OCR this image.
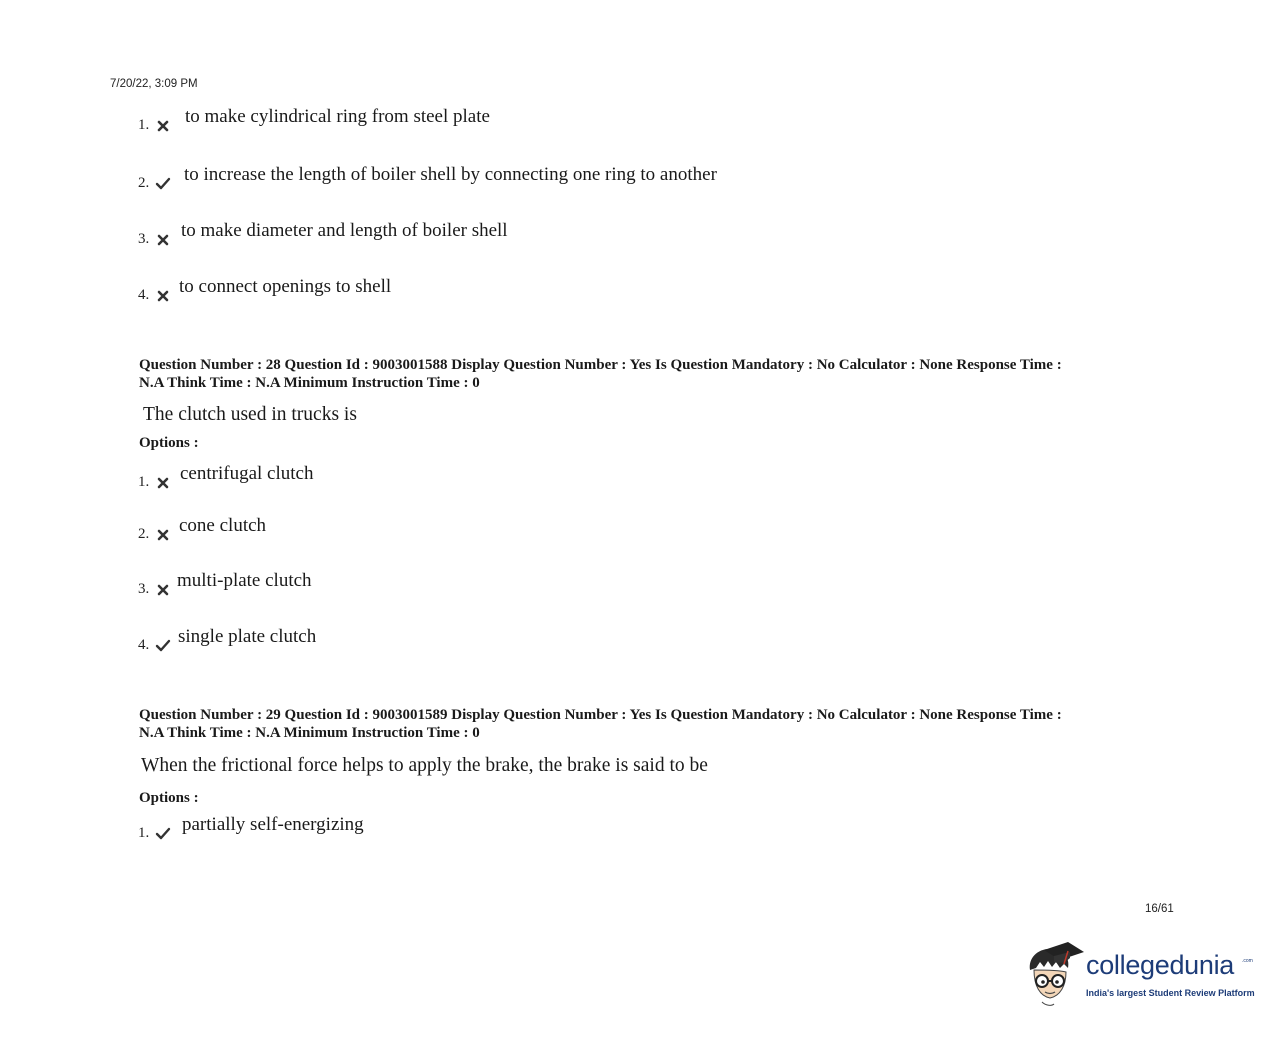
7/20/22, 3:09 PM
1. to make cylindrical ring from steel plate
2. to increase the length of boiler shell by connecting one ring to another
3. to make diameter and length of boiler shell
4. to connect openings to shell
Question Number : 28 Question Id : 9003001588 Display Question Number : Yes Is Question Mandatory : No Calculator : None Response Time :
N.A Think Time : N.A Minimum Instruction Time : 0
The clutch used in trucks is
Options :
1. centrifugal clutch
2. cone clutch
3. multi-plate clutch
4. single plate clutch
Question Number : 29 Question Id : 9003001589 Display Question Number : Yes Is Question Mandatory : No Calculator : None Response Time :
N.A Think Time : N.A Minimum Instruction Time : 0
When the frictional force helps to apply the brake, the brake is said to be
Options :
1. partially self-energizing
16/61
collegedunia .com
India's largest Student Review Platform
